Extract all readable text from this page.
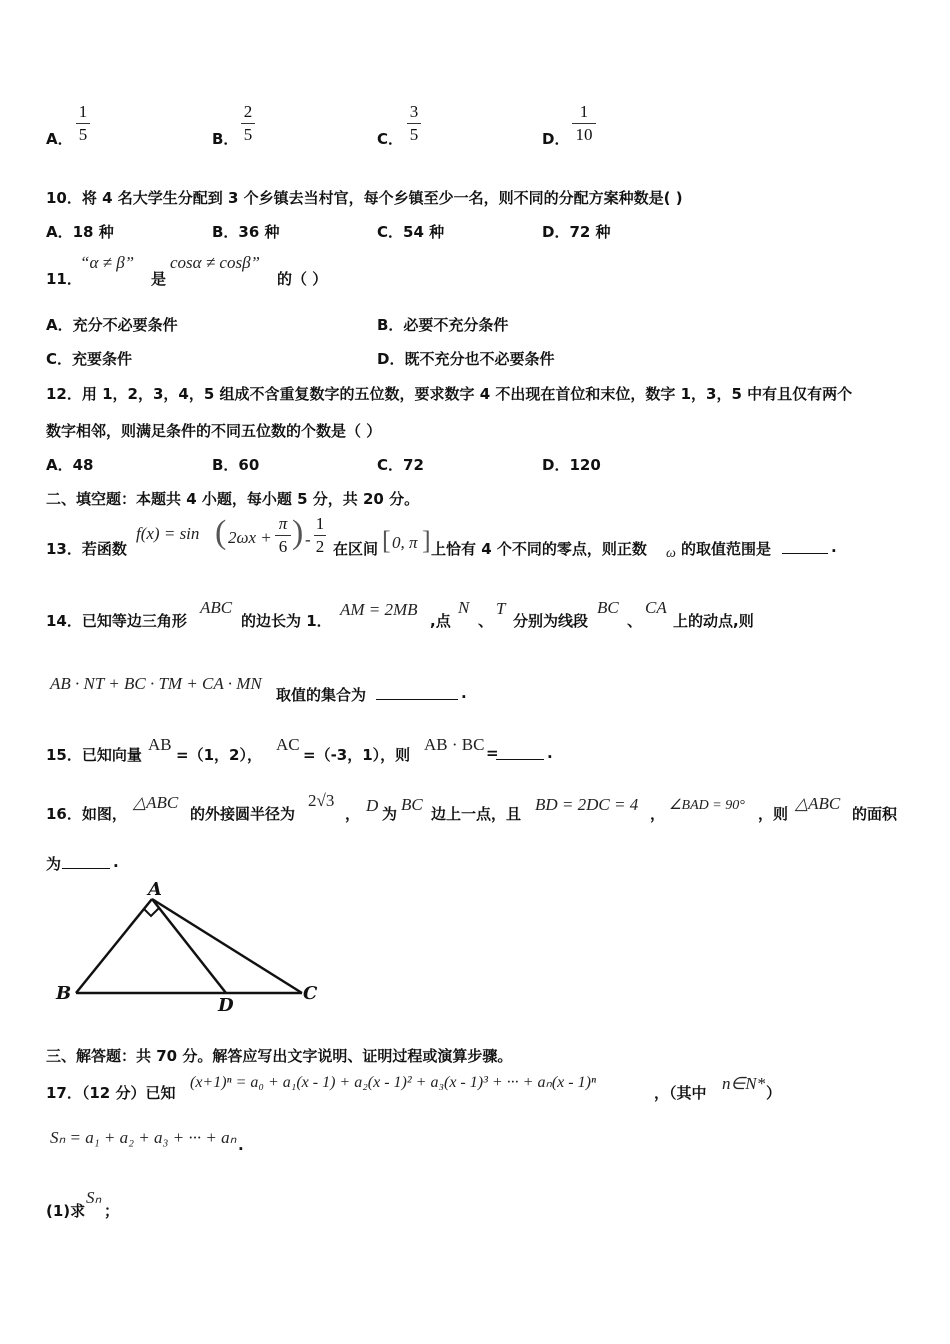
A．
1
5	B．
2
5	C．
3
5	D．
1
10
10．将 4 名大学生分配到 3 个乡镇去当村官，每个乡镇至少一名，则不同的分配方案种数是( )
A．18 种	B．36 种	C．54 种	D．72 种
11．
“α ≠ β”
是
cosα ≠ cosβ”
的（ ）
A．充分不必要条件	B．必要不充分条件
C．充要条件	D．既不充分也不必要条件
12．用 1，2，3，4，5 组成不含重复数字的五位数，要求数字 4 不出现在首位和末位，数字 1，3，5 中有且仅有两个
数字相邻，则满足条件的不同五位数的个数是（ ）
A．48	B．60	C．72	D．120
二、填空题：本题共 4 小题，每小题 5 分，共 20 分。
13．若函数
f(x) = sin ( 2ωx +
π
6 ) -
1
2 在区间 [ 0, π ] 上恰有 4 个不同的零点，则正数 ω 的取值范围是	.
14．已知等边三角形
ABC
的边长为 1．
AM = 2MB
,点
N
、
T
分别为线段
BC
、
CA
上的动点,则
AB · NT + BC · TM + CA · MN
取值的集合为	.
15．已知向量
AB
=（1，2），
AC
=（-3，1），则
AB · BC =	.
16．如图，
△ABC
的外接圆半径为
2√3
， D 为 BC 边上一点，且 BD = 2DC = 4 ， ∠BAD = 90° ，则
△ABC
的面积
为	.
A
B	C
D
三、解答题：共 70 分。解答应写出文字说明、证明过程或演算步骤。
17．（12 分）已知
(x+1)ⁿ = a₀ + a₁(x - 1) + a₂(x - 1)² + a₃(x - 1)³ + ··· + aₙ(x - 1)ⁿ
，（其中 n∈N* ）
Sₙ = a₁ + a₂ + a₃ + ··· + aₙ .
(1)求
Sₙ
；
